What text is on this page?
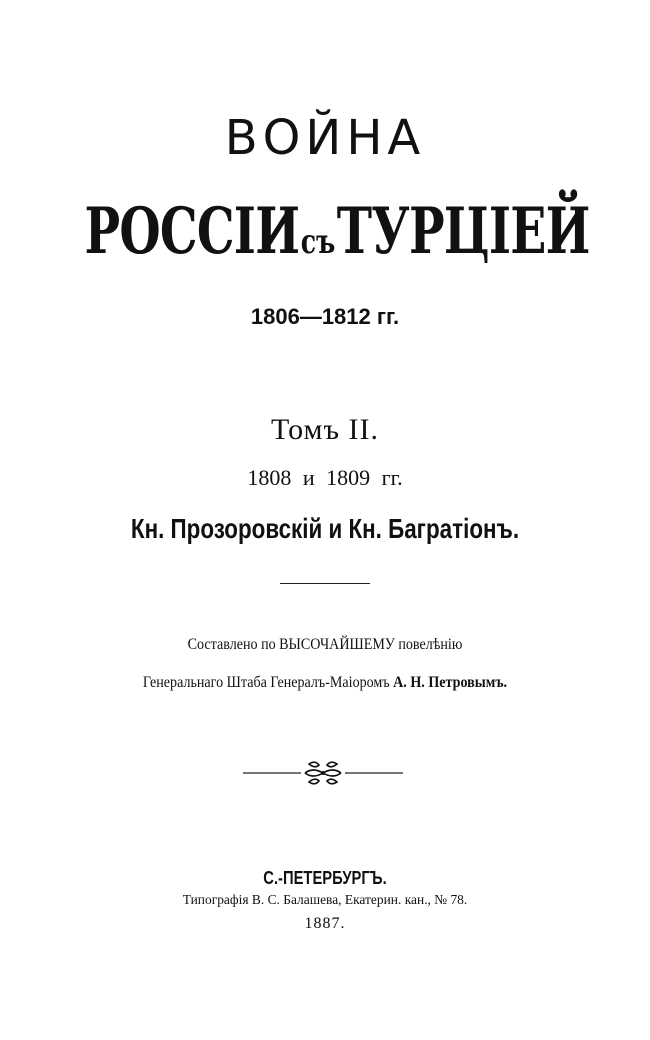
ВОЙНА
РОССІИсъТУРЦІЕЙ
1806—1812 гг.
Томъ II.
1808 и 1809 гг.
Кн. Прозоровскій и Кн. Багратіонъ.
Составлено по ВЫСОЧАЙШЕМУ повелѣнію
Генеральнаго Штаба Генералъ-Маіоромъ А. Н. Петровымъ.
С.-ПЕТЕРБУРГЪ.
Типографія В. С. Балашева, Екатерин. кан., № 78.
1887.
